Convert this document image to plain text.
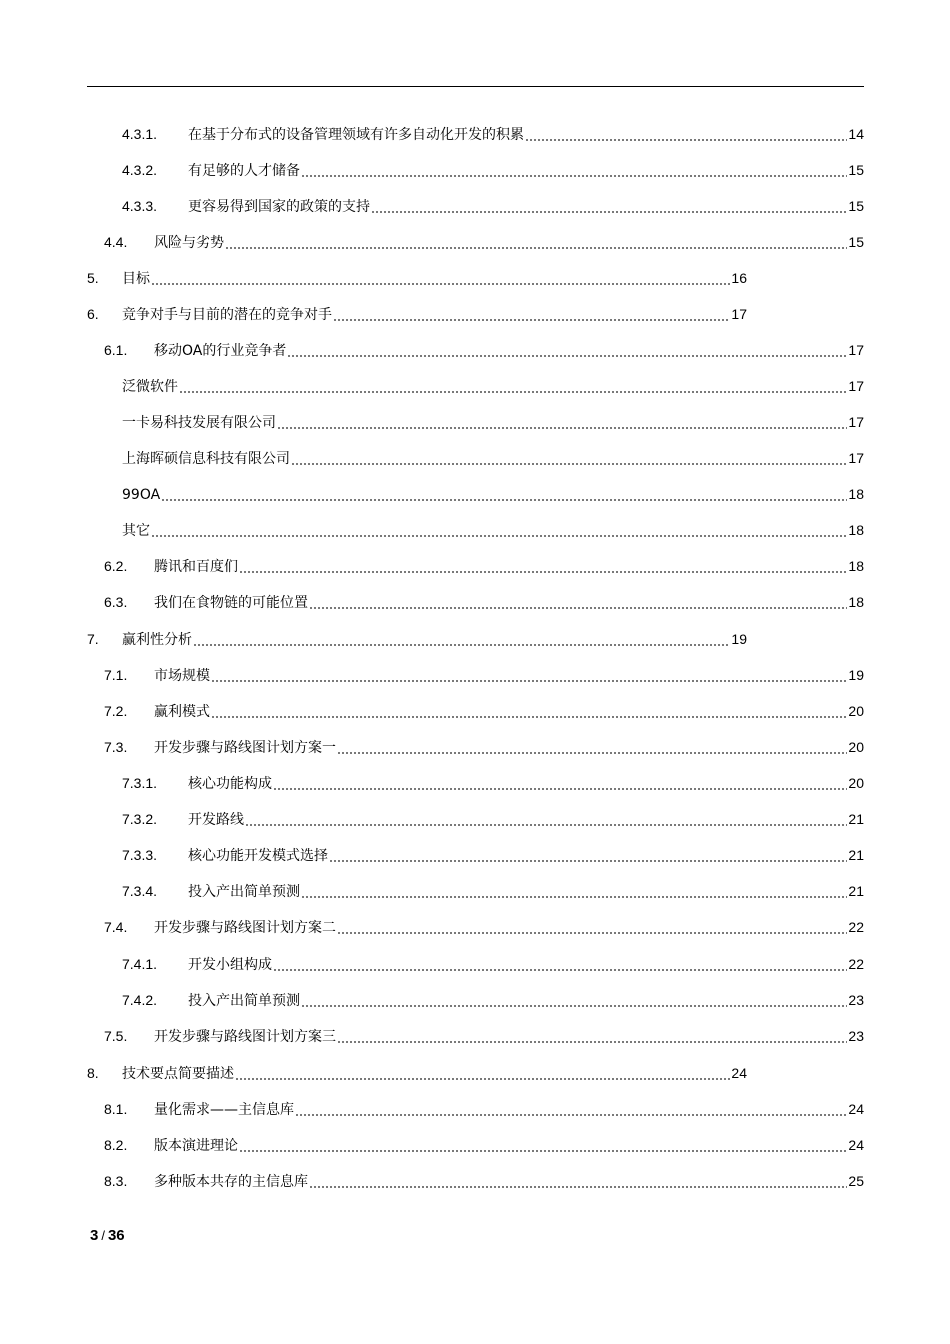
4.3.1.	在基于分布式的设备管理领域有许多自动化开发的积累	14
4.3.2.	有足够的人才储备	15
4.3.3.	更容易得到国家的政策的支持	15
4.4.	风险与劣势	15
5.	目标	16
6.	竞争对手与目前的潜在的竞争对手	17
6.1.	移动OA的行业竞争者	17
泛微软件	17
一卡易科技发展有限公司	17
上海晖硕信息科技有限公司	17
99OA	18
其它	18
6.2.	腾讯和百度们	18
6.3.	我们在食物链的可能位置	18
7.	赢利性分析	19
7.1.	市场规模	19
7.2.	赢利模式	20
7.3.	开发步骤与路线图计划方案一	20
7.3.1.	核心功能构成	20
7.3.2.	开发路线	21
7.3.3.	核心功能开发模式选择	21
7.3.4.	投入产出简单预测	21
7.4.	开发步骤与路线图计划方案二	22
7.4.1.	开发小组构成	22
7.4.2.	投入产出简单预测	23
7.5.	开发步骤与路线图计划方案三	23
8.	技术要点简要描述	24
8.1.	量化需求——主信息库	24
8.2.	版本演进理论	24
8.3.	多种版本共存的主信息库	25
3 / 36
